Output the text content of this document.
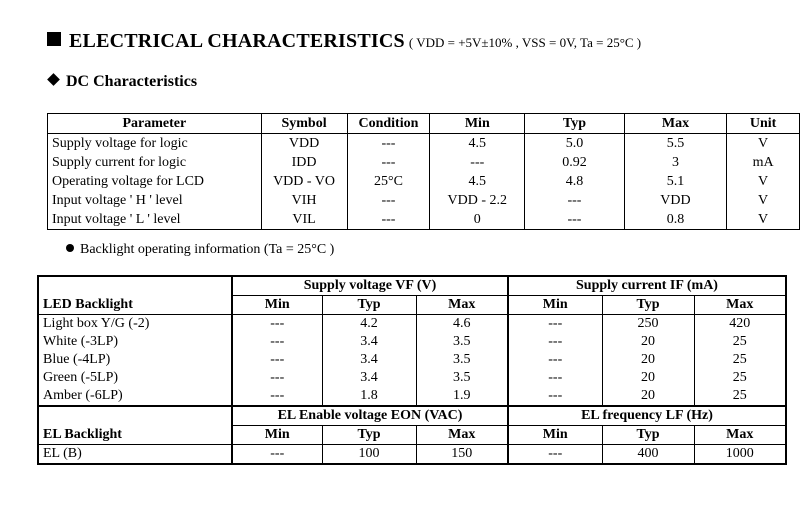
ELECTRICAL CHARACTERISTICS ( VDD = +5V±10% , VSS = 0V, Ta = 25°C )
DC Characteristics
Parameter	Symbol	Condition	Min	Typ	Max	Unit
Supply voltage for logic	VDD	---	4.5	5.0	5.5	V
Supply current for logic	IDD	---	---	0.92	3	mA
Operating voltage for LCD	VDD - VO	25°C	4.5	4.8	5.1	V
Input voltage ' H ' level	VIH	---	VDD - 2.2	---	VDD	V
Input voltage ' L ' level	VIL	---	0	---	0.8	V
Backlight operating information (Ta = 25°C )
	Supply voltage VF (V)			Supply current IF (mA)		
LED Backlight	Min	Typ	Max	Min	Typ	Max
Light box Y/G (-2)	---	4.2	4.6	---	250	420
White (-3LP)	---	3.4	3.5	---	20	25
Blue (-4LP)	---	3.4	3.5	---	20	25
Green (-5LP)	---	3.4	3.5	---	20	25
Amber (-6LP)	---	1.8	1.9	---	20	25
	EL Enable voltage EON (VAC)			EL frequency LF (Hz)		
EL Backlight	Min	Typ	Max	Min	Typ	Max
EL (B)	---	100	150	---	400	1000
